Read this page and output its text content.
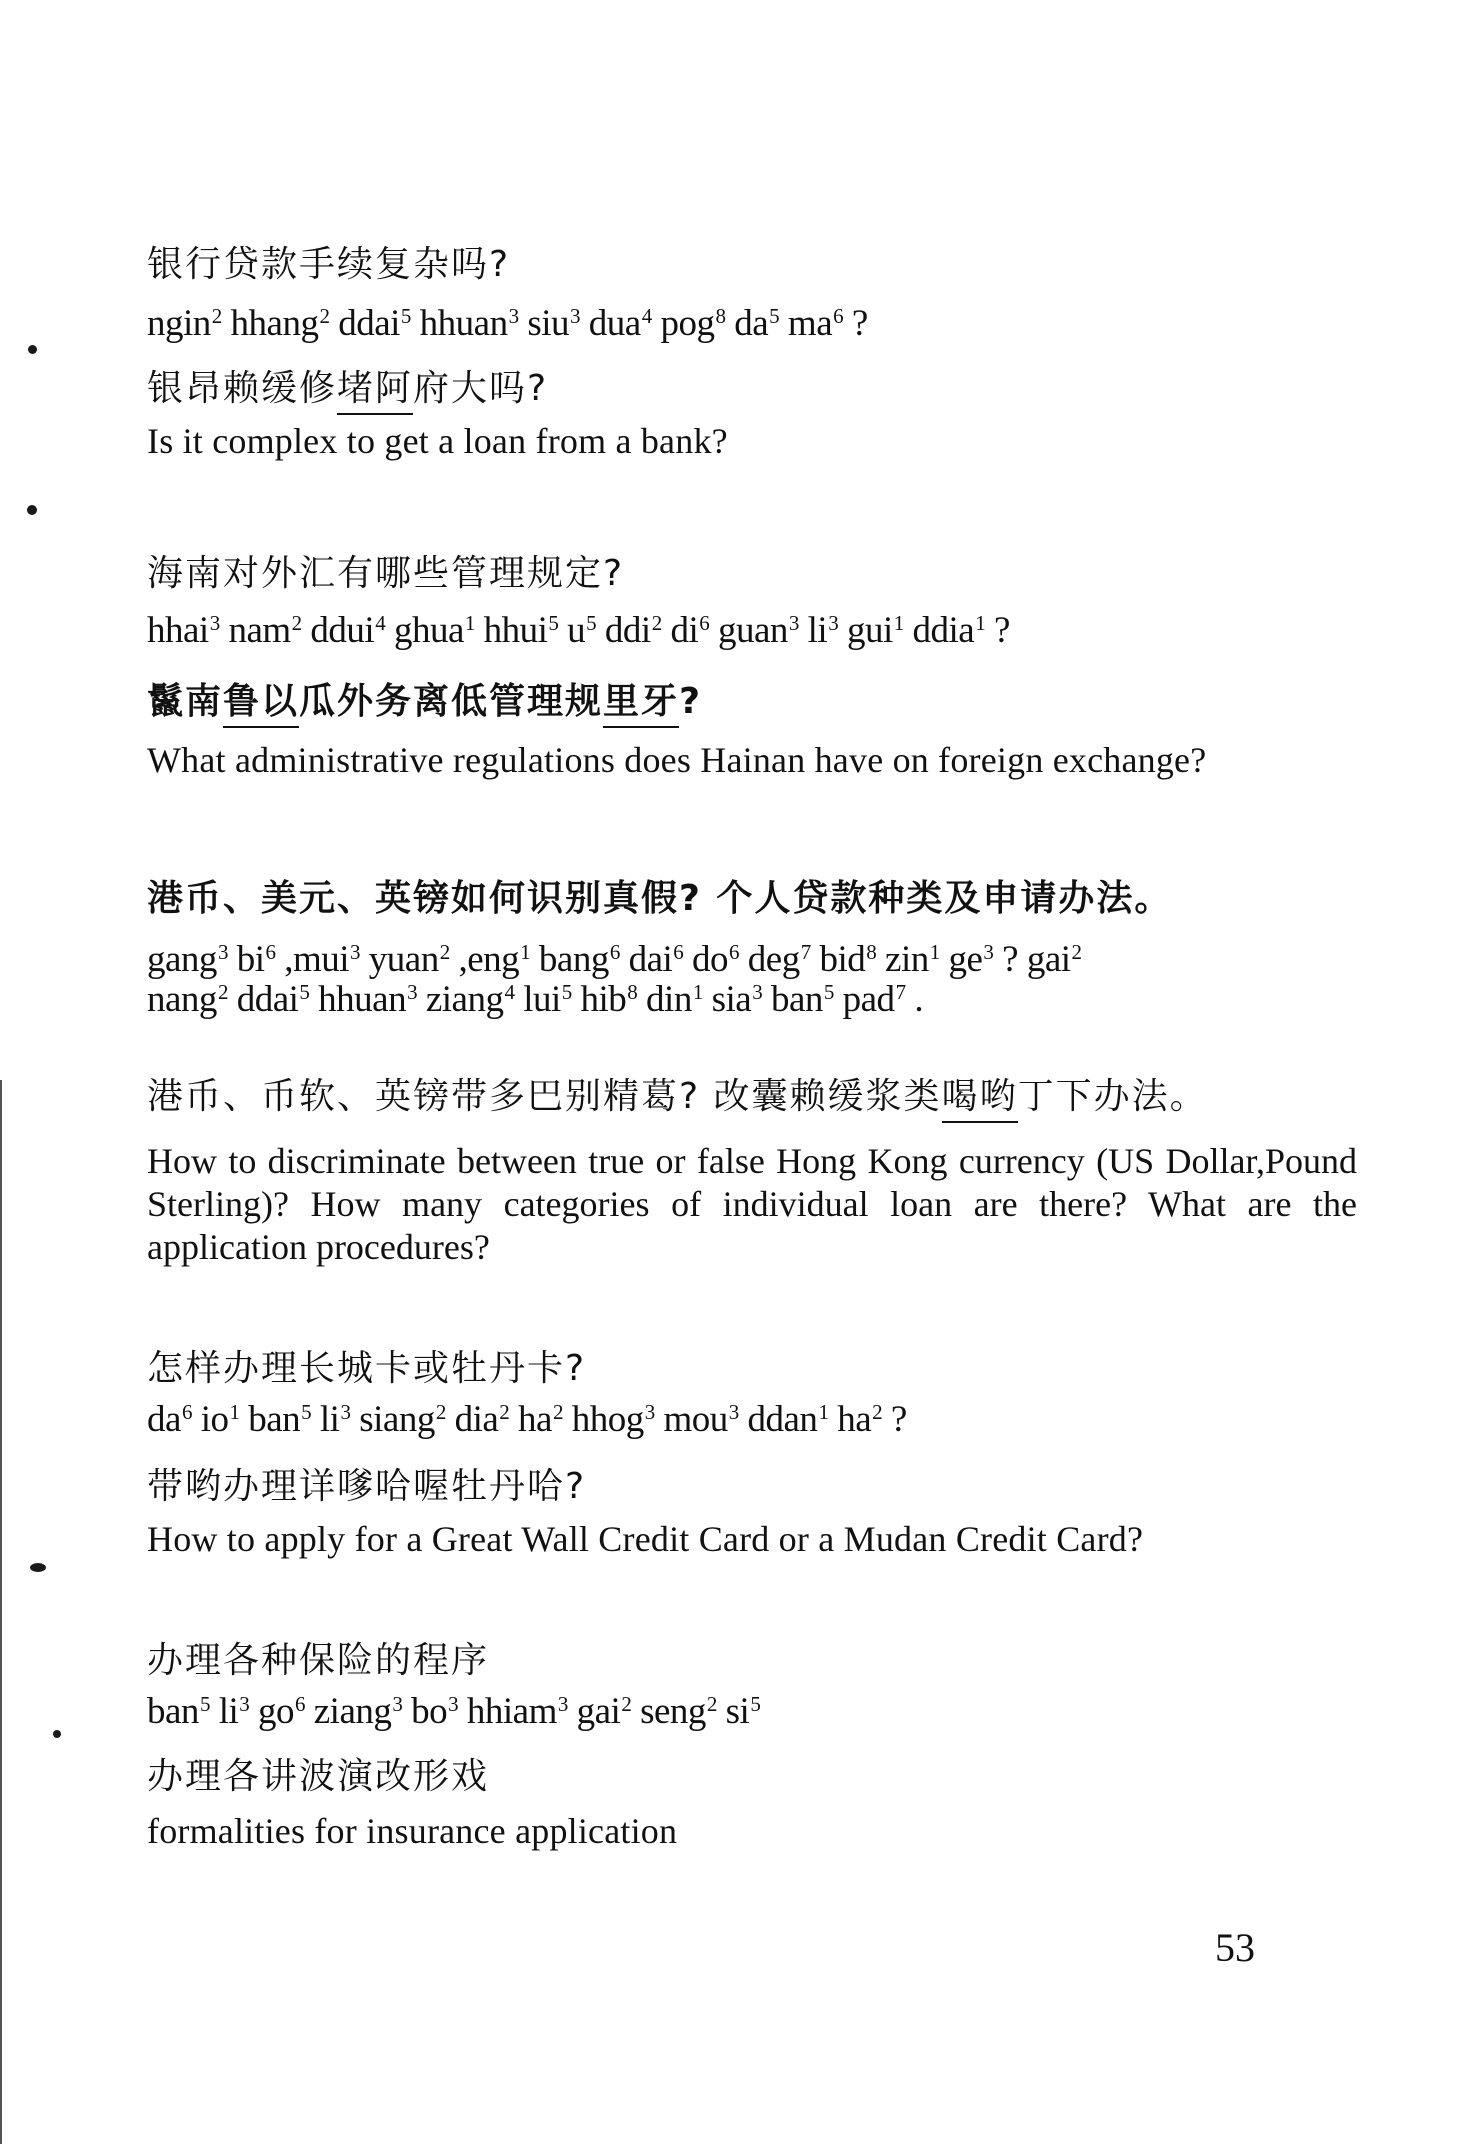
银行贷款手续复杂吗?
ngin$^2$ hhang$^2$ ddai$^5$ hhuan$^3$ siu$^3$ dua$^4$ pog$^8$ $da^5$ $ma^6$ ?
银昂赖缓修堵阿府大吗?
Is it complex to get a loan from a bank?
海南对外汇有哪些管理规定?
hhai$^3$ nam$^2$ ddui$^4$ ghua$^1$ hhui$^5$ $u^5$ ddi$^2$ $di^6$ guan$^3$ $li^3$ gui$^1$ ddia$^1$ ?
鬣南鲁以瓜外务离低管理规里牙?
What administrative regulations does Hainan have on foreign exchange?
港币、美元、英镑如何识别真假? 个人贷款种类及申请办法。
gang$^3$ $bi^6$ ,mui$^3$ yuan$^2$ ,eng$^1$ bang$^6$ dai$^6$ $do^6$ deg$^7$ bid$^8$ zin$^1$ $ge^3$ ? gai$^2$
nang$^2$ ddai$^5$ hhuan$^3$ ziang$^4$ lui$^5$ hib$^8$ din$^1$ sia$^3$ ban$^5$ pad$^7$ .
港币、币软、英镑带多巴别精葛? 改囊赖缓浆类喝哟丁下办法。
How to discriminate between true or false Hong Kong currency (US Dollar,Pound Sterling)? How many categories of individual loan are there? What are the application procedures?
怎样办理长城卡或牡丹卡?
$da^6$ $io^1$ ban$^5$ $li^3$ siang$^2$ dia$^2$ $ha^2$ hhog$^3$ mou$^3$ ddan$^1$ $ha^2$ ?
带哟办理详嗲哈喔牡丹哈?
How to apply for a Great Wall Credit Card or a Mudan Credit Card?
办理各种保险的程序
ban$^5$ $li^3$ $go^6$ ziang$^3$ $bo^3$ hhiam$^3$ gai$^2$ seng$^2$ $si^5$
办理各讲波演改形戏
formalities for insurance application
53
